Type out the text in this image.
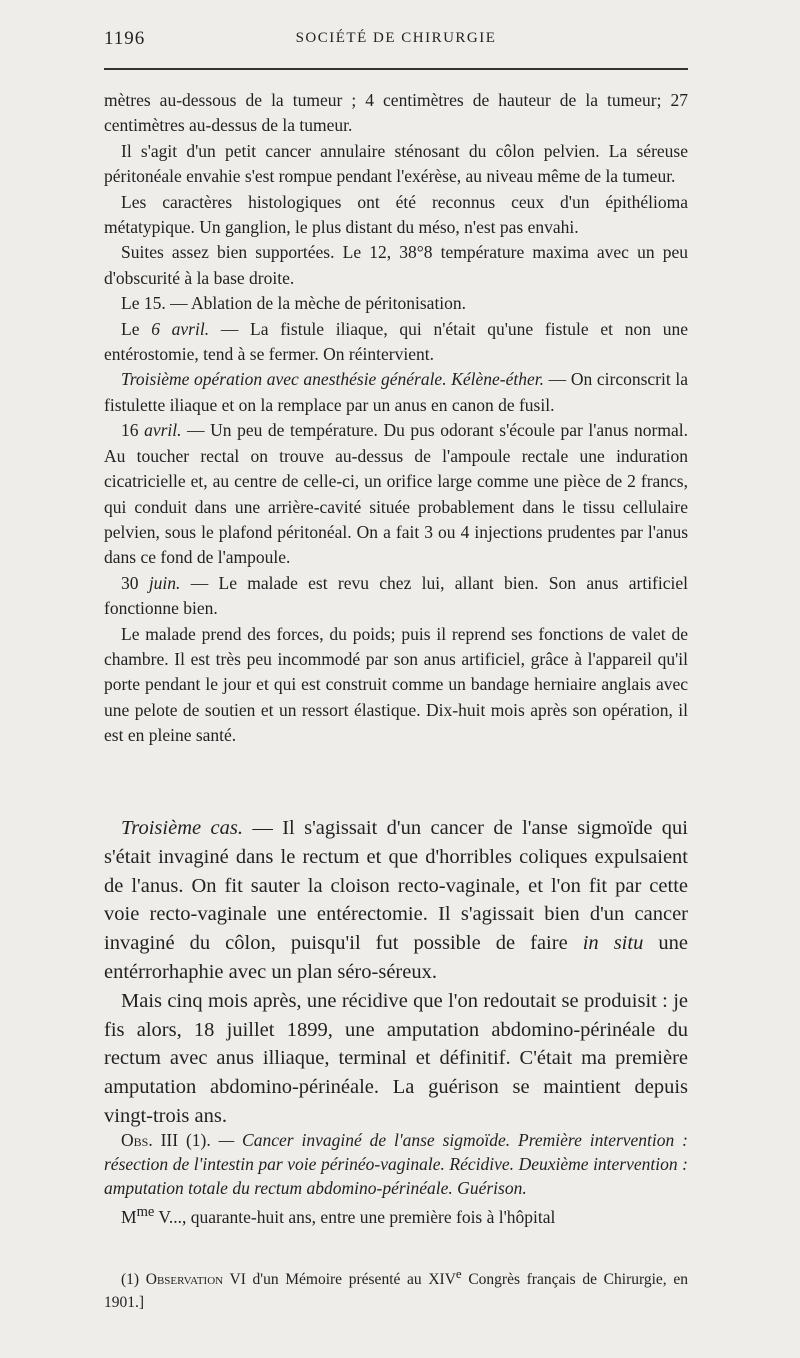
1196	SOCIÉTÉ DE CHIRURGIE

mètres au-dessous de la tumeur ; 4 centimètres de hauteur de la tumeur; 27 centimètres au-dessus de la tumeur.

Il s'agit d'un petit cancer annulaire sténosant du côlon pelvien. La séreuse péritonéale envahie s'est rompue pendant l'exérèse, au niveau même de la tumeur.

Les caractères histologiques ont été reconnus ceux d'un épithélioma métatypique. Un ganglion, le plus distant du méso, n'est pas envahi.

Suites assez bien supportées. Le 12, 38°8 température maxima avec un peu d'obscurité à la base droite.

Le 15. — Ablation de la mèche de péritonisation.

Le 6 avril. — La fistule iliaque, qui n'était qu'une fistule et non une entérostomie, tend à se fermer. On réintervient.

Troisième opération avec anesthésie générale. Kélène-éther. — On circonscrit la fistulette iliaque et on la remplace par un anus en canon de fusil.

16 avril. — Un peu de température. Du pus odorant s'écoule par l'anus normal. Au toucher rectal on trouve au-dessus de l'ampoule rectale une induration cicatricielle et, au centre de celle-ci, un orifice large comme une pièce de 2 francs, qui conduit dans une arrière-cavité située probablement dans le tissu cellulaire pelvien, sous le plafond péritonéal. On a fait 3 ou 4 injections prudentes par l'anus dans ce fond de l'ampoule.

30 juin. — Le malade est revu chez lui, allant bien. Son anus artificiel fonctionne bien.

Le malade prend des forces, du poids; puis il reprend ses fonctions de valet de chambre. Il est très peu incommodé par son anus artificiel, grâce à l'appareil qu'il porte pendant le jour et qui est construit comme un bandage herniaire anglais avec une pelote de soutien et un ressort élastique. Dix-huit mois après son opération, il est en pleine santé.

Troisième cas. — Il s'agissait d'un cancer de l'anse sigmoïde qui s'était invaginé dans le rectum et que d'horribles coliques expulsaient de l'anus. On fit sauter la cloison recto-vaginale, et l'on fit par cette voie recto-vaginale une entérectomie. Il s'agissait bien d'un cancer invaginé du côlon, puisqu'il fut possible de faire in situ une entérrorhaphie avec un plan séro-séreux.

Mais cinq mois après, une récidive que l'on redoutait se produisit : je fis alors, 18 juillet 1899, une amputation abdomino-périnéale du rectum avec anus illiaque, terminal et définitif. C'était ma première amputation abdomino-périnéale. La guérison se maintient depuis vingt-trois ans.

Obs. III (1). — Cancer invaginé de l'anse sigmoïde. Première intervention : résection de l'intestin par voie périnéo-vaginale. Récidive. Deuxième intervention : amputation totale du rectum abdomino-périnéale. Guérison.

$M^{me}$ V..., quarante-huit ans, entre une première fois à l'hôpital

(1) Observation VI d'un Mémoire présenté au XIVe Congrès français de Chirurgie, en 1901.]
